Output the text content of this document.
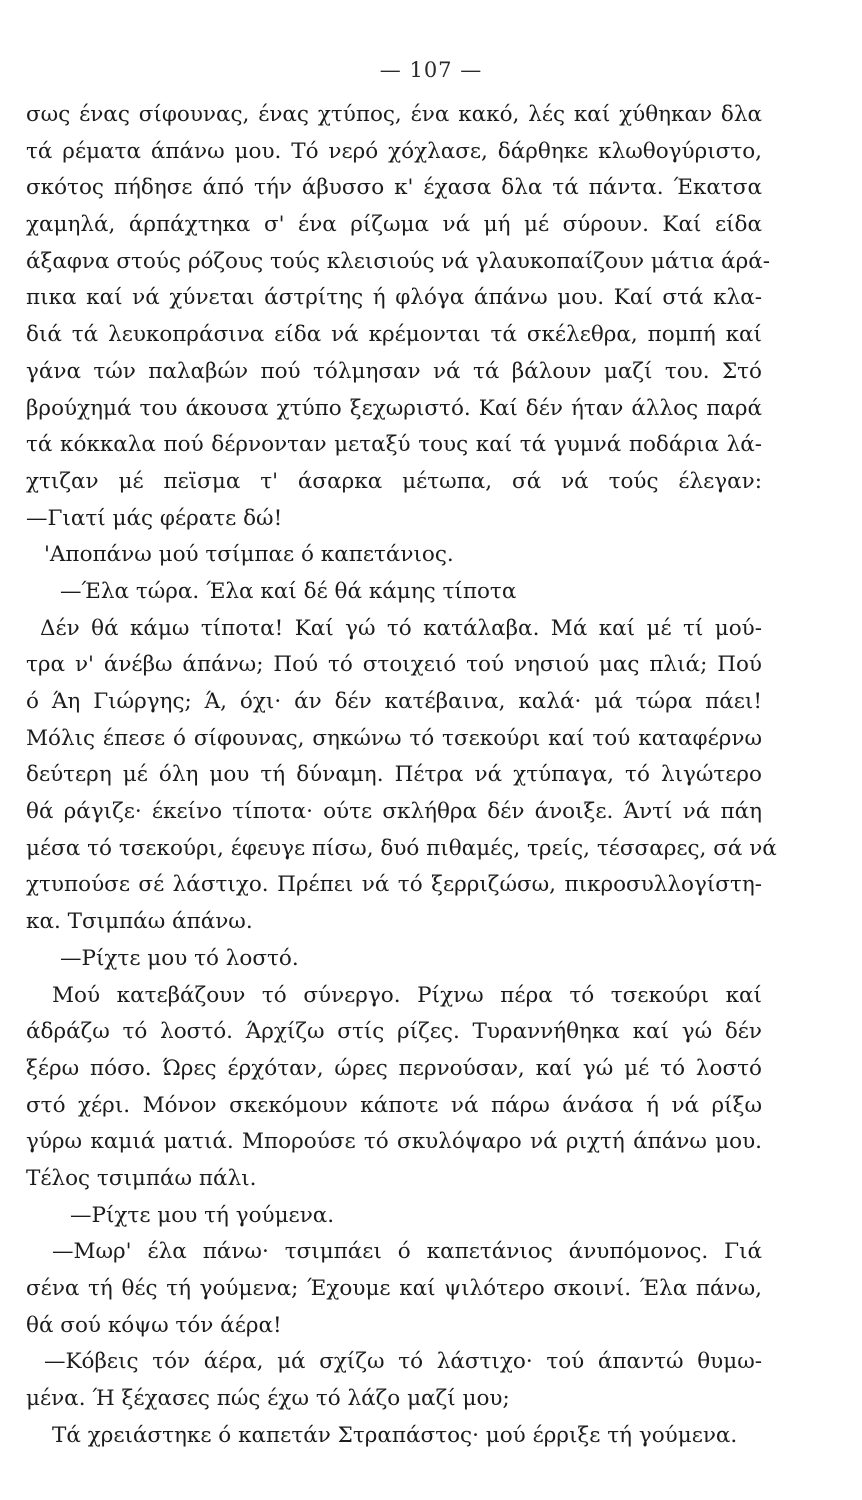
— 107 —
σως ένας σίφουνας, ένας χτύπος, ένα κακό, λές καί χύθηκαν δλα
τά ρέματα άπάνω μου. Τό νερό χόχλασε, δάρθηκε κλωθογύριστο,
σκότος πήδησε άπό τήν άβυσσο κ' έχασα δλα τά πάντα. Έκατσα
χαμηλά, άρπάχτηκα σ' ένα ρίζωμα νά μή μέ σύρουν. Καί είδα
άξαφνα στούς ρόζους τούς κλεισιούς νά γλαυκοπαίζουν μάτια άρά-
πικα καί νά χύνεται άστρίτης ή φλόγα άπάνω μου. Καί στά κλα-
διά τά λευκοπράσινα είδα νά κρέμονται τά σκέλεθρα, πομπή καί
γάνα τών παλαβών πού τόλμησαν νά τά βάλουν μαζί του. Στό
βρούχημά του άκουσα χτύπο ξεχωριστό. Καί δέν ήταν άλλος παρά
τά κόκκαλα πού δέρνονταν μεταξύ τους καί τά γυμνά ποδάρια λά-
χτιζαν μέ πεϊσμα τ' άσαρκα μέτωπα, σά νά τούς έλεγαν:
—Γιατί μάς φέρατε δώ!
'Αποπάνω μού τσίμπαε ό καπετάνιος.
—Έλα τώρα. Έλα καί δέ θά κάμης τίποτα
Δέν θά κάμω τίποτα! Καί γώ τό κατάλαβα. Μά καί μέ τί μού-
τρα ν' άνέβω άπάνω; Πού τό στοιχειό τού νησιού μας πλιά; Πού
ό Άη Γιώργης; Ά, όχι· άν δέν κατέβαινα, καλά· μά τώρα πάει!
Μόλις έπεσε ό σίφουνας, σηκώνω τό τσεκούρι καί τού καταφέρνω
δεύτερη μέ όλη μου τή δύναμη. Πέτρα νά χτύπαγα, τό λιγώτερο
θά ράγιζε· έκείνο τίποτα· ούτε σκλήθρα δέν άνοιξε. Άντί νά πάη
μέσα τό τσεκούρι, έφευγε πίσω, δυό πιθαμές, τρείς, τέσσαρες, σά νά
χτυπούσε σέ λάστιχο. Πρέπει νά τό ξερριζώσω, πικροσυλλογίστη-
κα. Τσιμπάω άπάνω.
—Ρίχτε μου τό λοστό.
Μού κατεβάζουν τό σύνεργο. Ρίχνω πέρα τό τσεκούρι καί
άδράζω τό λοστό. Άρχίζω στίς ρίζες. Τυραννήθηκα καί γώ δέν
ξέρω πόσο. Ώρες έρχόταν, ώρες περνούσαν, καί γώ μέ τό λοστό
στό χέρι. Μόνον σκεκόμουν κάποτε νά πάρω άνάσα ή νά ρίξω
γύρω καμιά ματιά. Μπορούσε τό σκυλόψαρο νά ριχτή άπάνω μου.
Τέλος τσιμπάω πάλι.
—Ρίχτε μου τή γούμενα.
—Μωρ' έλα πάνω· τσιμπάει ό καπετάνιος άνυπόμονος. Γιά
σένα τή θές τή γούμενα; Έχουμε καί ψιλότερο σκοινί. Έλα πάνω,
θά σού κόψω τόν άέρα!
—Κόβεις τόν άέρα, μά σχίζω τό λάστιχο· τού άπαντώ θυμω-
μένα. Ή ξέχασες πώς έχω τό λάζο μαζί μου;
Τά χρειάστηκε ό καπετάν Στραπάστος· μού έρριξε τή γούμενα.
